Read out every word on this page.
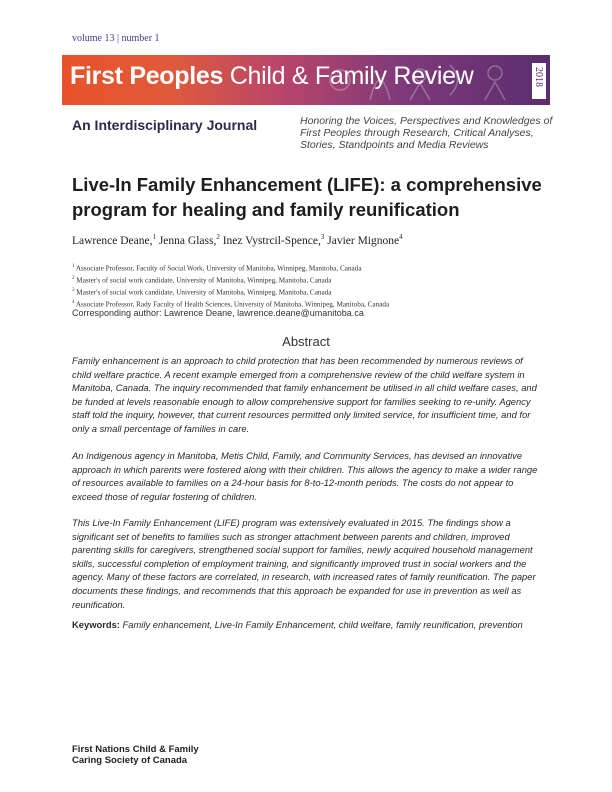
volume 13 | number 1
First Peoples Child & Family Review	2018
An Interdisciplinary Journal	Honoring the Voices, Perspectives and Knowledges of First Peoples through Research, Critical Analyses, Stories, Standpoints and Media Reviews
Live-In Family Enhancement (LIFE): a comprehensive program for healing and family reunification
Lawrence Deane,$^1$ Jenna Glass,$^2$ Inez Vystrcil-Spence,$^3$ Javier Mignone$^4$
$^1$ Associate Professor, Faculty of Social Work, University of Manitoba, Winnipeg, Manitoba, Canada
$^2$ Master's of social work candidate, University of Manitoba, Winnipeg, Manitoba, Canada
$^3$ Master's of social work candidate, University of Manitoba, Winnipeg, Manitoba, Canada
$^4$ Associate Professor, Rady Faculty of Health Sciences, University of Manitoba, Winnipeg, Manitoba, Canada
Corresponding author: Lawrence Deane, lawrence.deane@umanitoba.ca
Abstract

Family enhancement is an approach to child protection that has been recommended by numerous reviews of child welfare practice. A recent example emerged from a comprehensive review of the child welfare system in Manitoba, Canada. The inquiry recommended that family enhancement be utilised in all child welfare cases, and be funded at levels reasonable enough to allow comprehensive support for families seeking to re-unify. Agency staff told the inquiry, however, that current resources permitted only limited service, for insufficient time, and for only a small percentage of families in care.

An Indigenous agency in Manitoba, Metis Child, Family, and Community Services, has devised an innovative approach in which parents were fostered along with their children. This allows the agency to make a wider range of resources available to families on a 24-hour basis for 8-to-12-month periods. The costs do not appear to exceed those of regular fostering of children.

This Live-In Family Enhancement (LIFE) program was extensively evaluated in 2015. The findings show a significant set of benefits to families such as stronger attachment between parents and children, improved parenting skills for caregivers, strengthened social support for families, newly acquired household management skills, successful completion of employment training, and significantly improved trust in social workers and the agency. Many of these factors are correlated, in research, with increased rates of family reunification. The paper documents these findings, and recommends that this approach be expanded for use in prevention as well as reunification.

Keywords: Family enhancement, Live-In Family Enhancement, child welfare, family reunification, prevention

First Nations Child & Family
Caring Society of Canada
